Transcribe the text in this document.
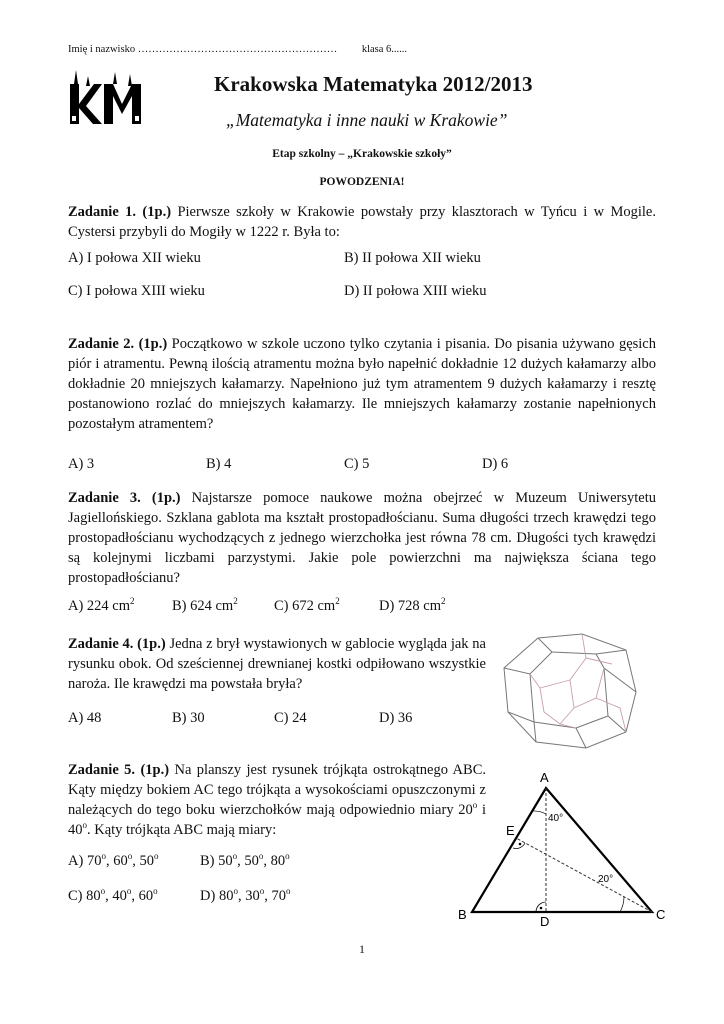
Imię i nazwisko ………………………………………………… klasa 6......
Krakowska Matematyka 2012/2013
„Matematyka i inne nauki w Krakowie”
Etap szkolny – „Krakowskie szkoły”
POWODZENIA!
Zadanie 1. (1p.) Pierwsze szkoły w Krakowie powstały przy klasztorach w Tyńcu i w Mogile. Cystersi przybyli do Mogiły w 1222 r. Była to:
A) I połowa XII wieku	B) II połowa XII wieku
C) I połowa XIII wieku	D) II połowa XIII wieku
Zadanie 2. (1p.) Początkowo w szkole uczono tylko czytania i pisania. Do pisania używano gęsich piór i atramentu. Pewną ilością atramentu można było napełnić dokładnie 12 dużych kałamarzy albo dokładnie 20 mniejszych kałamarzy. Napełniono już tym atramentem 9 dużych kałamarzy i resztę postanowiono rozlać do mniejszych kałamarzy. Ile mniejszych kałamarzy zostanie napełnionych pozostałym atramentem?
A) 3	B) 4	C) 5	D) 6
Zadanie 3. (1p.) Najstarsze pomoce naukowe można obejrzeć w Muzeum Uniwersytetu Jagiellońskiego. Szklana gablota ma kształt prostopadłościanu. Suma długości trzech krawędzi tego prostopadłościanu wychodzących z jednego wierzchołka jest równa 78 cm. Długości tych krawędzi są kolejnymi liczbami parzystymi. Jakie pole powierzchni ma największa ściana tego prostopadłościanu?
A) 224 $cm^2$	B) 624 $cm^2$	C) 672 $cm^2$	D) 728 $cm^2$
Zadanie 4. (1p.) Jedna z brył wystawionych w gablocie wygląda jak na rysunku obok. Od sześciennej drewnianej kostki odpiłowano wszystkie naroża. Ile krawędzi ma powstała bryła?
A) 48	B) 30	C) 24	D) 36
Zadanie 5. (1p.) Na planszy jest rysunek trójkąta ostrokątnego ABC. Kąty między bokiem AC tego trójkąta a wysokościami opuszczonymi z należących do tego boku wierzchołków mają odpowiednio miary 20$^o$ i 40$^o$. Kąty trójkąta ABC mają miary:
A) 70$^o$, 60$^o$, 50$^o$	B) 50$^o$, 50$^o$, 80$^o$
C) 80$^o$, 40$^o$, 60$^o$	D) 80$^o$, 30$^o$, 70$^o$
A
B	C
D
E
40°
20°
1
